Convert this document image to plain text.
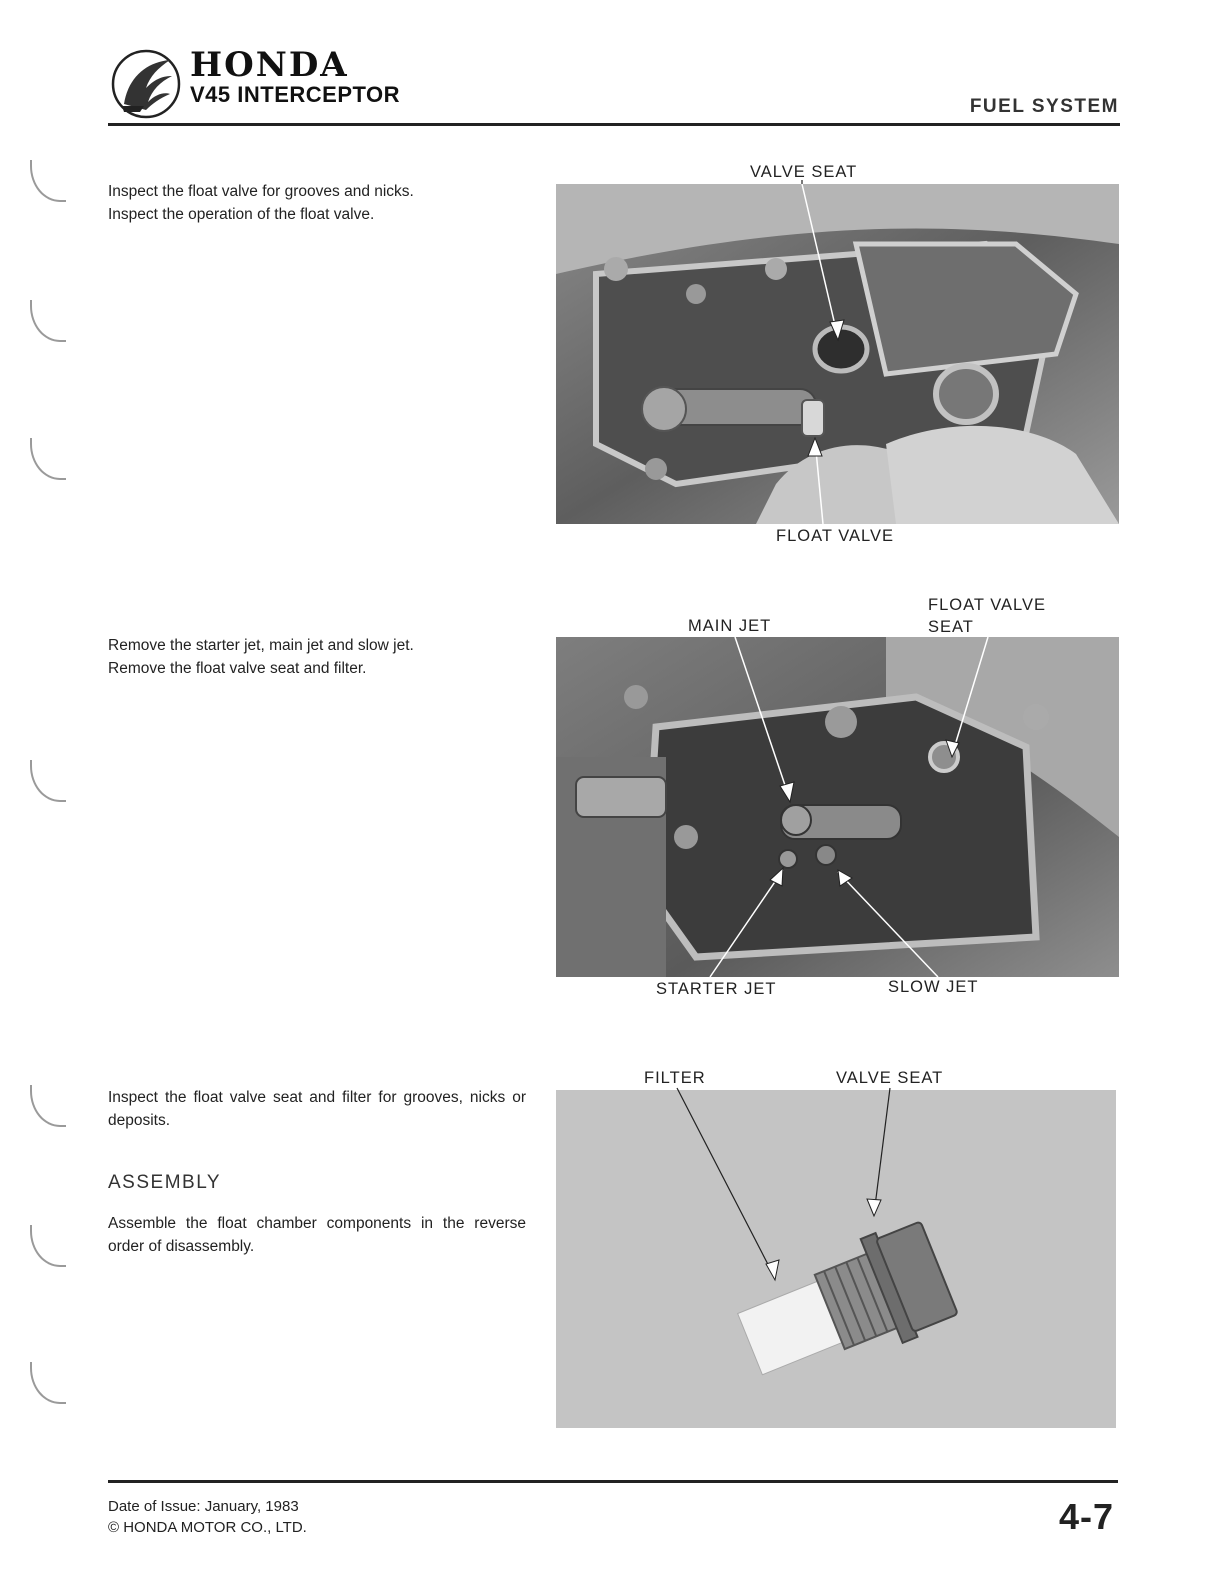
HONDA
V45 INTERCEPTOR	FUEL SYSTEM

Inspect the float valve for grooves and nicks.

Inspect the operation of the float valve.

Remove the starter jet, main jet and slow jet.

Remove the float valve seat and filter.

Inspect the float valve seat and filter for grooves, nicks or deposits.
ASSEMBLY
Assemble the float chamber components in the reverse order of disassembly.
VALVE SEAT
FLOAT VALVE
MAIN JET
FLOAT VALVE
SEAT
STARTER JET	SLOW JET
FILTER	VALVE SEAT
Date of Issue: January, 1983
© HONDA MOTOR CO., LTD.	4-7
